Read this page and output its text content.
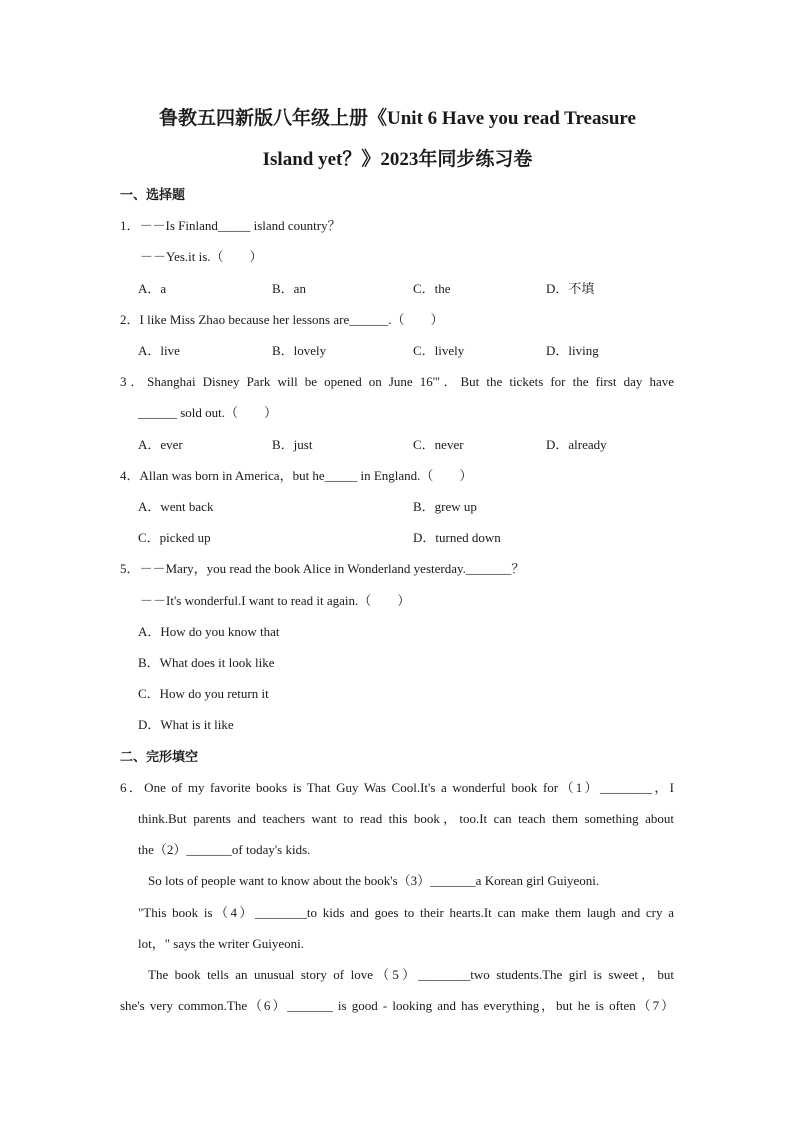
鲁教五四新版八年级上册《Unit 6 Have you read Treasure
Island yet？》2023年同步练习卷
一、选择题
1．－－Is Finland_____ island country？
－－Yes.it is.（　　）
A．a	B．an	C．the	D．不填
2．I like Miss Zhao because her lessons are______.（　　）
A．live	B．lovely	C．lively	D．living
3．Shanghai Disney Park will be opened on June 16'''．But the tickets for the first day have
______ sold out.（　　）
A．ever	B．just	C．never	D．already
4．Allan was born in America，but he_____ in England.（　　）
A．went back	B．grew up
C．picked up	D．turned down
5．－－Mary，you read the book Alice in Wonderland yesterday._______？
－－It's wonderful.I want to read it again.（　　）
A．How do you know that
B．What does it look like
C．How do you return it
D．What is it like
二、完形填空
6．One of my favorite books is That Guy Was Cool.It's a wonderful book for（1）________，I
think.But parents and teachers want to read this book，too.It can teach them something about
the（2）_______of today's kids.
So lots of people want to know about the book's（3）_______a Korean girl Guiyeoni.
"This book is（4）________to kids and goes to their hearts.It can make them laugh and cry a
lot，" says the writer Guiyeoni.
The book tells an unusual story of love（5）________two students.The girl is sweet，but
she's very common.The（6）_______ is good - looking and has everything，but he is often（7）
